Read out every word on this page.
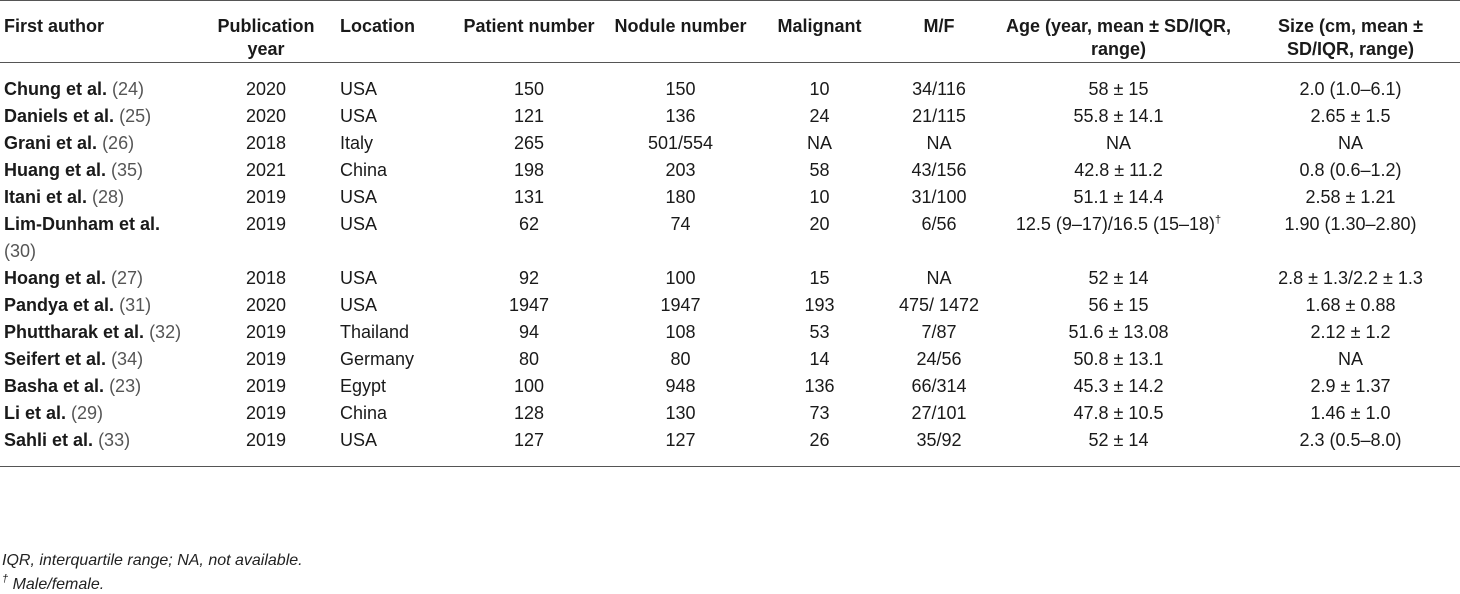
First author	Publication year	Location	Patient number	Nodule number	Malignant	M/F	Age (year, mean ± SD/IQR, range)	Size (cm, mean ± SD/IQR, range)
Chung et al. (24)	2020	USA	150	150	10	34/116	58 ± 15	2.0 (1.0–6.1)
Daniels et al. (25)	2020	USA	121	136	24	21/115	55.8 ± 14.1	2.65 ± 1.5
Grani et al. (26)	2018	Italy	265	501/554	NA	NA	NA	NA
Huang et al. (35)	2021	China	198	203	58	43/156	42.8 ± 11.2	0.8 (0.6–1.2)
Itani et al. (28)	2019	USA	131	180	10	31/100	51.1 ± 14.4	2.58 ± 1.21
Lim-Dunham et al. (30)	2019	USA	62	74	20	6/56	12.5 (9–17)/16.5 (15–18)†	1.90 (1.30–2.80)
Hoang et al. (27)	2018	USA	92	100	15	NA	52 ± 14	2.8 ± 1.3/2.2 ± 1.3
Pandya et al. (31)	2020	USA	1947	1947	193	475/ 1472	56 ± 15	1.68 ± 0.88
Phuttharak et al. (32)	2019	Thailand	94	108	53	7/87	51.6 ± 13.08	2.12 ± 1.2
Seifert et al. (34)	2019	Germany	80	80	14	24/56	50.8 ± 13.1	NA
Basha et al. (23)	2019	Egypt	100	948	136	66/314	45.3 ± 14.2	2.9 ± 1.37
Li et al. (29)	2019	China	128	130	73	27/101	47.8 ± 10.5	1.46 ± 1.0
Sahli et al. (33)	2019	USA	127	127	26	35/92	52 ± 14	2.3 (0.5–8.0)
IQR, interquartile range; NA, not available.
† Male/female.
